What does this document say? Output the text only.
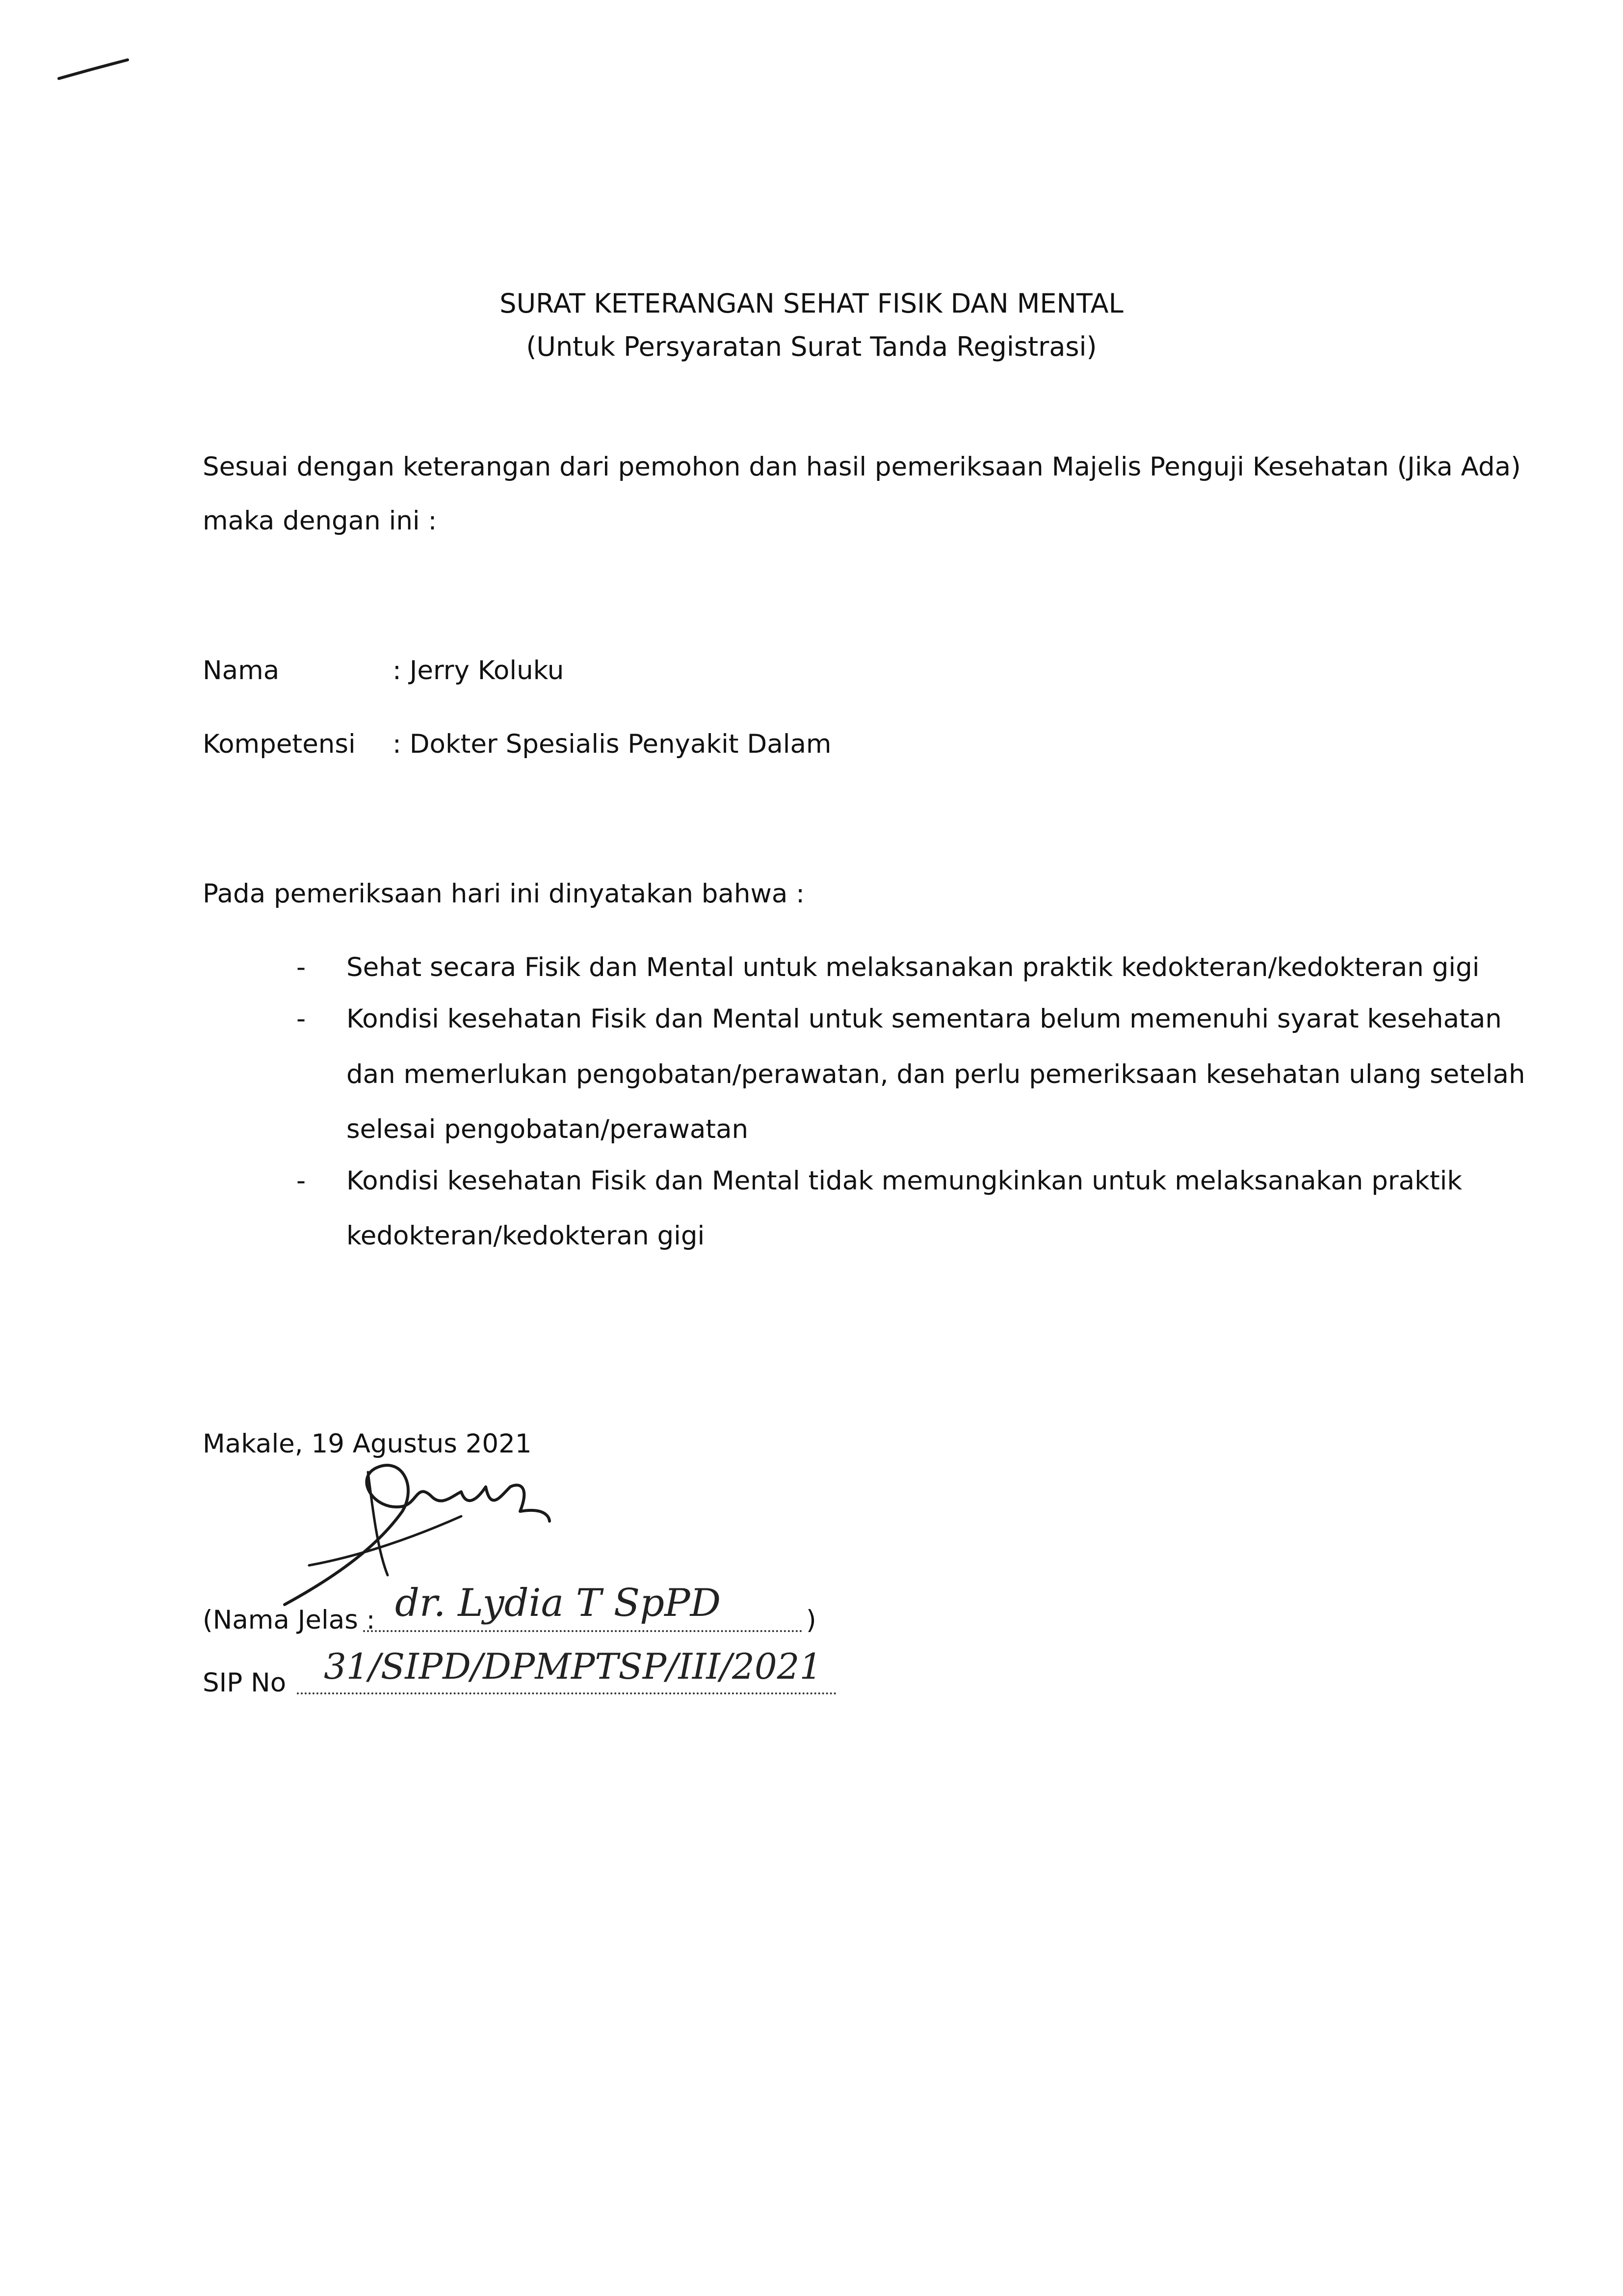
SURAT KETERANGAN SEHAT FISIK DAN MENTAL
(Untuk Persyaratan Surat Tanda Registrasi)
Sesuai dengan keterangan dari pemohon dan hasil pemeriksaan Majelis Penguji Kesehatan (Jika Ada)
maka dengan ini :
Nama	: Jerry Koluku
Kompetensi : Dokter Spesialis Penyakit Dalam
Pada pemeriksaan hari ini dinyatakan bahwa :
- Sehat secara Fisik dan Mental untuk melaksanakan praktik kedokteran/kedokteran gigi
- Kondisi kesehatan Fisik dan Mental untuk sementara belum memenuhi syarat kesehatan
dan memerlukan pengobatan/perawatan, dan perlu pemeriksaan kesehatan ulang setelah
selesai pengobatan/perawatan
- Kondisi kesehatan Fisik dan Mental tidak memungkinkan untuk melaksanakan praktik
kedokteran/kedokteran gigi
Makale, 19 Agustus 2021
(Nama Jelas : dr. Lydia T SpPD	)
SIP No 31/SIPD/DPMPTSP/III/2021
